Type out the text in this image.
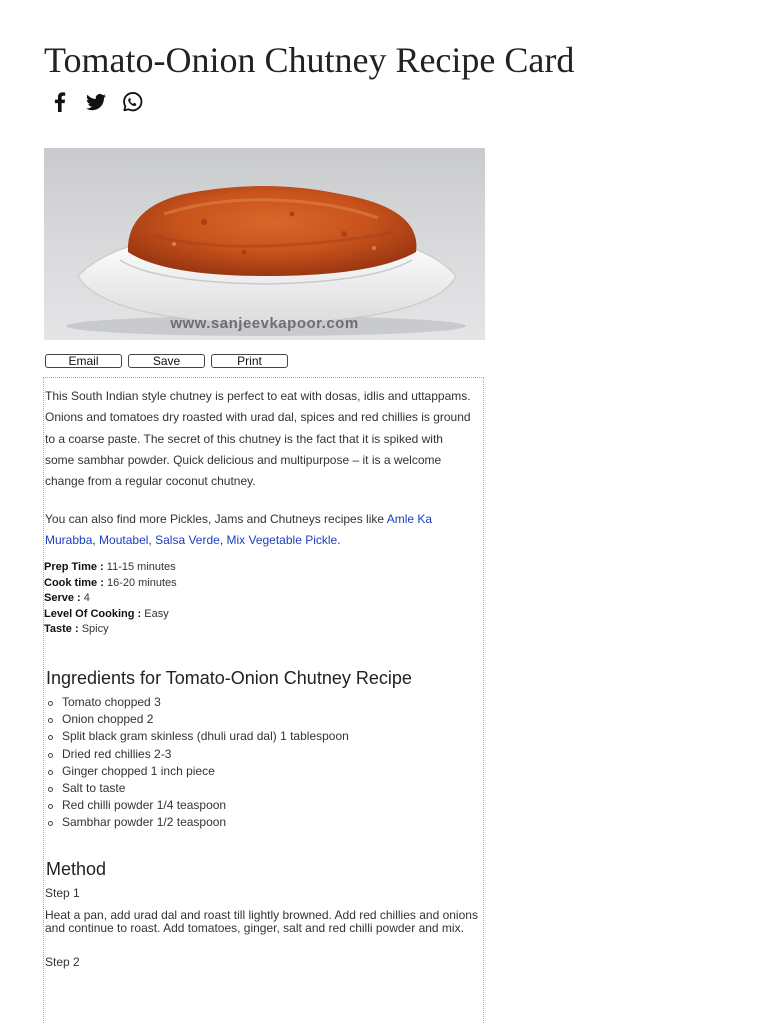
Tomato-Onion Chutney Recipe Card
www.sanjeevkapoor.com
Email	Save	Print

This South Indian style chutney is perfect to eat with dosas, idlis and uttappams. Onions and tomatoes dry roasted with urad dal, spices and red chillies is ground to a coarse paste. The secret of this chutney is the fact that it is spiked with some sambhar powder. Quick delicious and multipurpose – it is a welcome change from a regular coconut chutney.

You can also find more Pickles, Jams and Chutneys recipes like Amle Ka Murabba, Moutabel, Salsa Verde, Mix Vegetable Pickle.

Prep Time : 11-15 minutes
Cook time : 16-20 minutes
Serve : 4
Level Of Cooking : Easy
Taste : Spicy
Ingredients for Tomato-Onion Chutney Recipe
Tomato chopped 3
Onion chopped 2
Split black gram skinless (dhuli urad dal) 1 tablespoon
Dried red chillies 2-3
Ginger chopped 1 inch piece
Salt to taste
Red chilli powder 1/4 teaspoon
Sambhar powder 1/2 teaspoon
Method

Step 1

Heat a pan, add urad dal and roast till lightly browned. Add red chillies and onions and continue to roast. Add tomatoes, ginger, salt and red chilli powder and mix.

Step 2
